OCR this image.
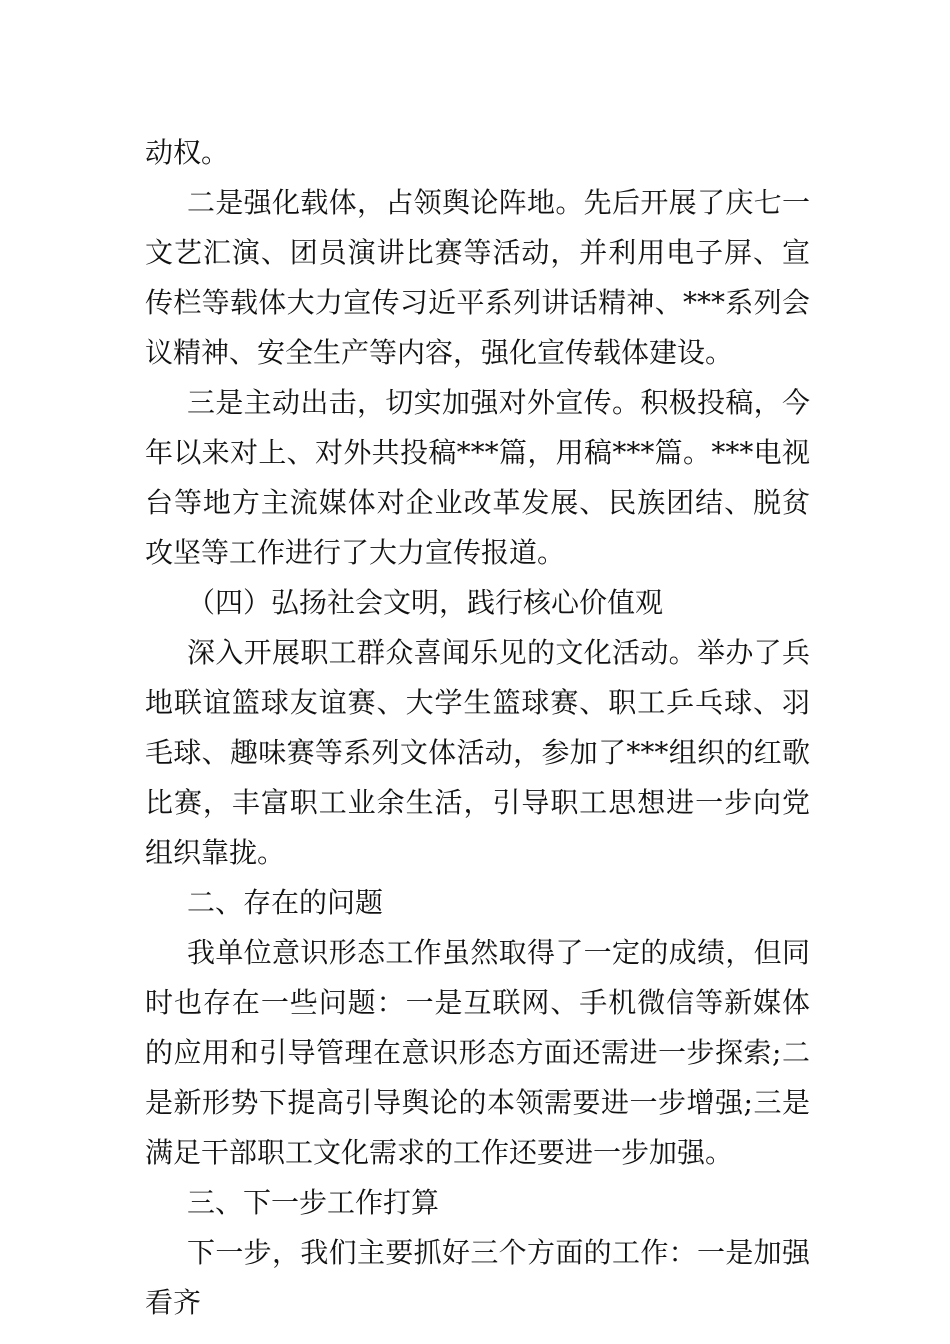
动权。

二是强化载体，占领舆论阵地。先后开展了庆七一文艺汇演、团员演讲比赛等活动，并利用电子屏、宣传栏等载体大力宣传习近平系列讲话精神、***系列会议精神、安全生产等内容，强化宣传载体建设。

三是主动出击，切实加强对外宣传。积极投稿，今年以来对上、对外共投稿***篇，用稿***篇。***电视台等地方主流媒体对企业改革发展、民族团结、脱贫攻坚等工作进行了大力宣传报道。

（四）弘扬社会文明，践行核心价值观

深入开展职工群众喜闻乐见的文化活动。举办了兵地联谊篮球友谊赛、大学生篮球赛、职工乒乓球、羽毛球、趣味赛等系列文体活动，参加了***组织的红歌比赛，丰富职工业余生活，引导职工思想进一步向党组织靠拢。

二、存在的问题

我单位意识形态工作虽然取得了一定的成绩，但同时也存在一些问题：一是互联网、手机微信等新媒体的应用和引导管理在意识形态方面还需进一步探索;二是新形势下提高引导舆论的本领需要进一步增强;三是满足干部职工文化需求的工作还要进一步加强。

三、下一步工作打算

下一步，我们主要抓好三个方面的工作：一是加强看齐
